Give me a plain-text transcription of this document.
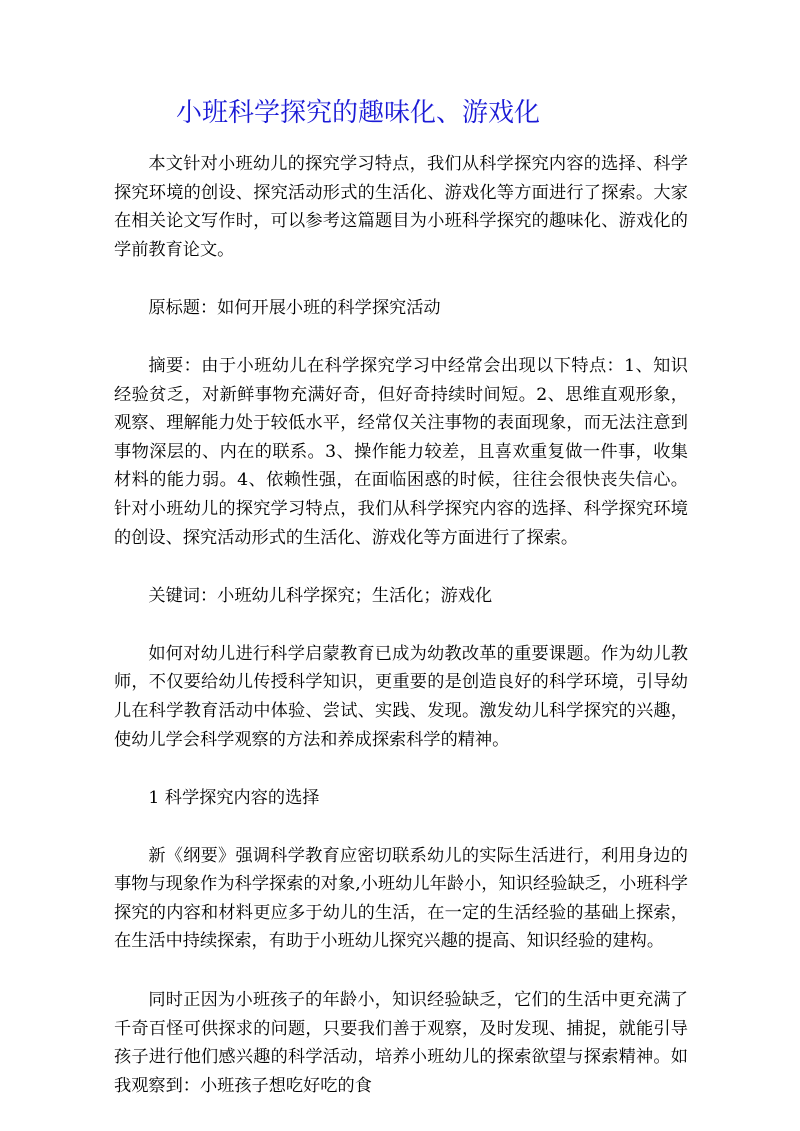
小班科学探究的趣味化、游戏化

本文针对小班幼儿的探究学习特点，我们从科学探究内容的选择、科学探究环境的创设、探究活动形式的生活化、游戏化等方面进行了探索。大家在相关论文写作时，可以参考这篇题目为小班科学探究的趣味化、游戏化的学前教育论文。

原标题：如何开展小班的科学探究活动

摘要：由于小班幼儿在科学探究学习中经常会出现以下特点：1、知识经验贫乏，对新鲜事物充满好奇，但好奇持续时间短。2、思维直观形象，观察、理解能力处于较低水平，经常仅关注事物的表面现象，而无法注意到事物深层的、内在的联系。3、操作能力较差，且喜欢重复做一件事，收集材料的能力弱。4、依赖性强，在面临困惑的时候，往往会很快丧失信心。针对小班幼儿的探究学习特点，我们从科学探究内容的选择、科学探究环境的创设、探究活动形式的生活化、游戏化等方面进行了探索。

关键词：小班幼儿科学探究；生活化；游戏化

如何对幼儿进行科学启蒙教育已成为幼教改革的重要课题。作为幼儿教师，不仅要给幼儿传授科学知识，更重要的是创造良好的科学环境，引导幼儿在科学教育活动中体验、尝试、实践、发现。激发幼儿科学探究的兴趣，使幼儿学会科学观察的方法和养成探索科学的精神。

1 科学探究内容的选择

新《纲要》强调科学教育应密切联系幼儿的实际生活进行，利用身边的事物与现象作为科学探索的对象,小班幼儿年龄小，知识经验缺乏，小班科学探究的内容和材料更应多于幼儿的生活，在一定的生活经验的基础上探索，在生活中持续探索，有助于小班幼儿探究兴趣的提高、知识经验的建构。

同时正因为小班孩子的年龄小，知识经验缺乏，它们的生活中更充满了千奇百怪可供探求的问题，只要我们善于观察，及时发现、捕捉，就能引导孩子进行他们感兴趣的科学活动，培养小班幼儿的探索欲望与探索精神。如我观察到：小班孩子想吃好吃的食
